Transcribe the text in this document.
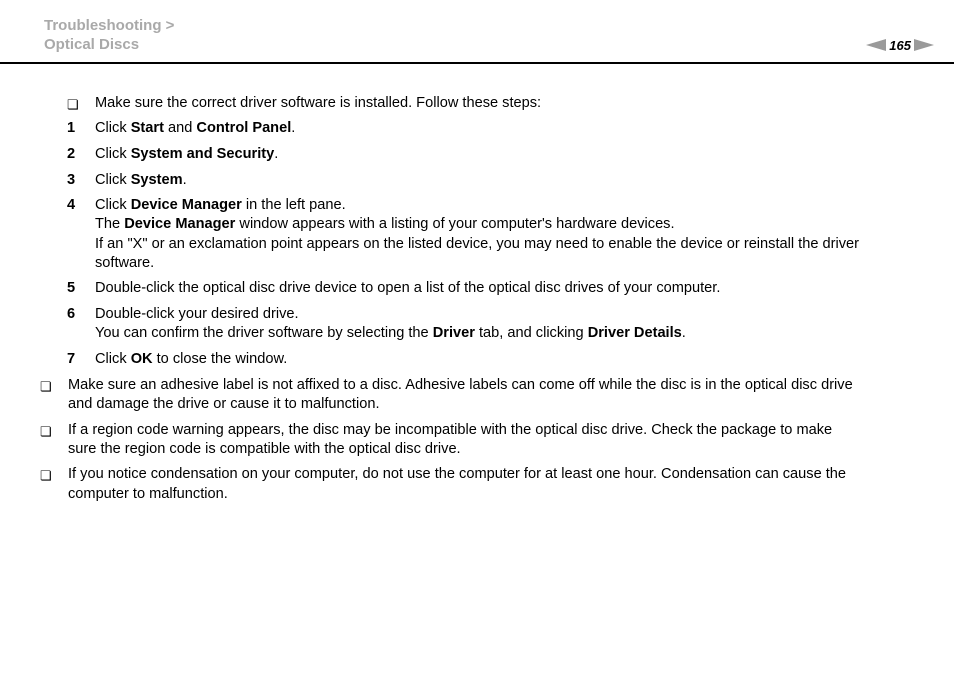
Troubleshooting >
Optical Discs	165
❏ Make sure the correct driver software is installed. Follow these steps:
1 Click Start and Control Panel.
2 Click System and Security.
3 Click System.
4 Click Device Manager in the left pane.
The Device Manager window appears with a listing of your computer's hardware devices.
If an "X" or an exclamation point appears on the listed device, you may need to enable the device or reinstall the driver
software.
5 Double-click the optical disc drive device to open a list of the optical disc drives of your computer.
6 Double-click your desired drive.
You can confirm the driver software by selecting the Driver tab, and clicking Driver Details.
7 Click OK to close the window.
❏ Make sure an adhesive label is not affixed to a disc. Adhesive labels can come off while the disc is in the optical disc drive
and damage the drive or cause it to malfunction.
❏ If a region code warning appears, the disc may be incompatible with the optical disc drive. Check the package to make
sure the region code is compatible with the optical disc drive.
❏ If you notice condensation on your computer, do not use the computer for at least one hour. Condensation can cause the
computer to malfunction.
